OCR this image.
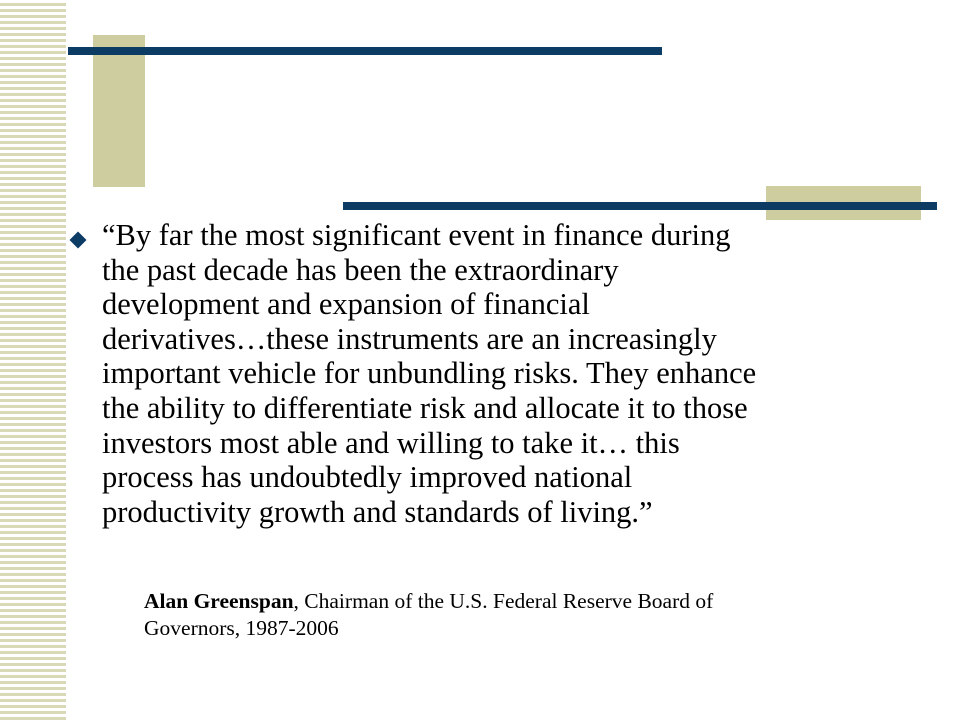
“By far the most significant event in finance during
the past decade has been the extraordinary
development and expansion of financial
derivatives…these instruments are an increasingly
important vehicle for unbundling risks. They enhance
the ability to differentiate risk and allocate it to those
investors most able and willing to take it… this
process has undoubtedly improved national
productivity growth and standards of living.”

Alan Greenspan, Chairman of the U.S. Federal Reserve Board of
Governors, 1987-2006
